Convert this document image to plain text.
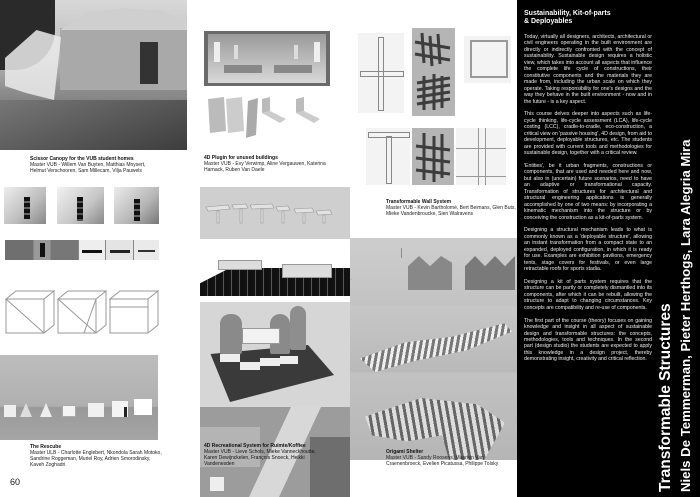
Scissor Canopy for the VUB student homes
Master VUB - Willem Van Buyten, Matthias Moysert, Helmut Verschooren, Sam Millecam, Vilja Pauwels
The Rescube
Master ULB - Charlotte Englebert, Nkondola Sarah Motoko, Sandrine Roggeman, Muriel Roy, Adrien Smorodinsky, Kaveh Zoghadri
60
4D Plugin for unused buildings
Master VUB - Evy Verwimp, Aline Vergauwen, Katerina Harnack, Ruben Van Daele
4D Recreational System for Ruimte/Koffiee
Master VUB - Lieve Schols, Mieke Vanneckhoutte, Karen Dewijnckelen, François Snoeck, Heikki Vandenesden
Transformable Wall System
Master VUB - Kevin Bartholomé, Bert Beimans, Glen Buts, Mieke Vandenbroucke, Sien Walravens
Origami Shelter
Master VUB - Sandy Roosens, Maarten Van Craenenbroeck, Evelien Picatussa, Philippe Tolsky
Sustainability, Kit-of-parts
& Deployables

Today, virtually all designers, architects, architectural or civil engineers operating in the built environment are directly or indirectly confronted with the concept of sustainability. Sustainable design requires a holistic view, which takes into account all aspects that influence the complete life cycle of constructions, their constitutive components and the materials they are made from, including the urban scale on which they operate. Taking responsibility for one's designs and the way they behave in the built environment - now and in the future - is a key aspect.

This course delves deeper into aspects such as life-cycle thinking, life-cycle assessment (LCA), life-cycle costing (LCC), cradle-to-cradle, eco-construction, a critical view on 'passive housing', 4D design, from aid to development, deployable structures, etc. The students are provided with current tools and methodologies for sustainable design, together with a critical review.

'Entities', be it urban fragments, constructions or components, that are used and needed here and now, but also in (uncertain) future scenarios, need to have an adaptive or transformational capacity. Transformation of structures for architectural and structural engineering applications is generally accomplished by one of two means: by incorporating a kinematic mechanism into the structure or by conceiving the construction as a kit-of-parts system.

Designing a structural mechanism leads to what is commonly known as a 'deployable structure', allowing an instant transformation from a compact state to an expanded, deployed configuration, in which it is ready for use. Examples are exhibition pavilions, emergency tents, stage covers for festivals, or even large retractable roofs for sports stadia.

Designing a kit of parts system requires that the structure can be partly or completely dismantled into its components, after which it can be rebuilt, allowing the structure to adapt to changing circumstances. Key concepts are compatibility and re-use of components.

The first part of the course (theory) focuses on gaining knowledge and insight in all aspect of sustainable design and transformable structures: the concepts, methodologies, tools and techniques. In the second part (design studio) the students are expected to apply this knowledge in a design project, thereby demonstrating insight, creativity and critical reflection. Transformable Structures Niels De Temmerman, Pieter Herthogs, Lara Alegria Mira
